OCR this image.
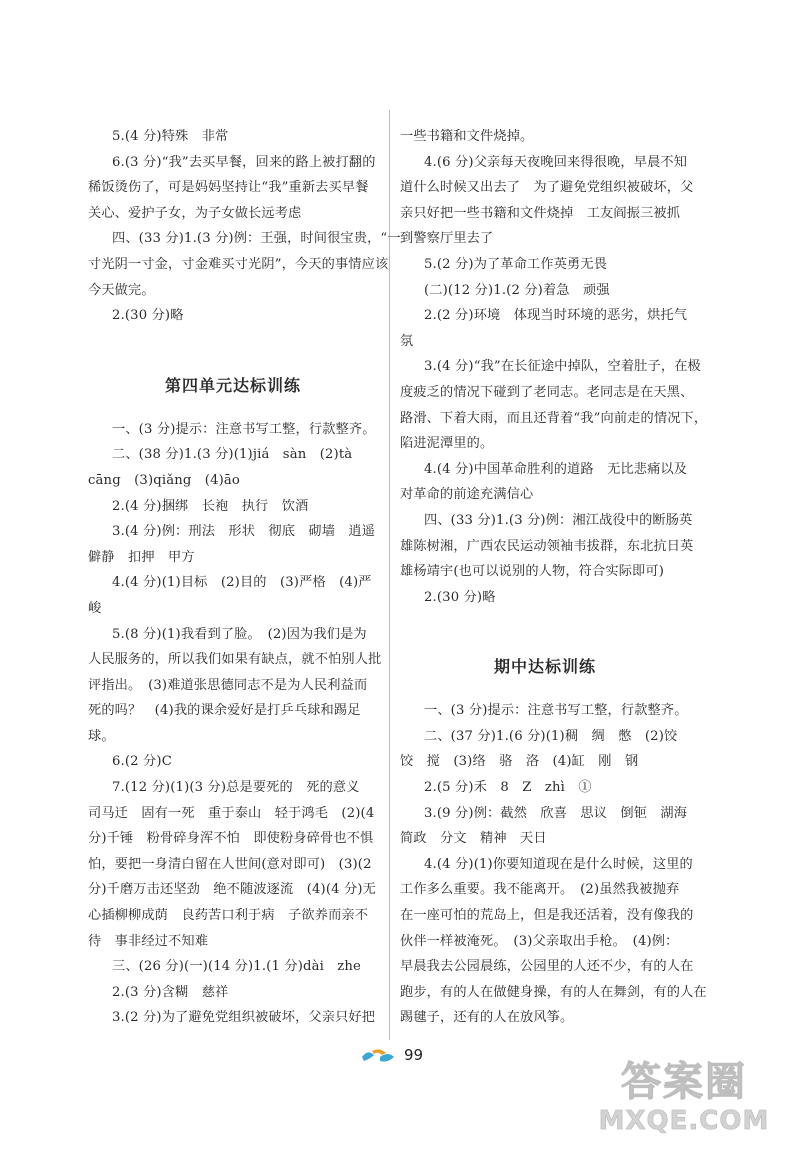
5.(4 分)特殊　非常
6.(3 分)“我”去买早餐，回来的路上被打翻的
稀饭烫伤了，可是妈妈坚持让“我”重新去买早餐
关心、爱护子女，为子女做长远考虑
四、(33 分)1.(3 分)例：王强，时间很宝贵，“一
寸光阴一寸金，寸金难买寸光阴”，今天的事情应该
今天做完。
2.(30 分)略
第四单元达标训练
一、(3 分)提示：注意书写工整，行款整齐。
二、(38 分)1.(3 分)(1)jiá　sàn　(2)tà
cāng　(3)qiǎng　(4)āo
2.(4 分)捆绑　长袍　执行　饮酒
3.(4 分)例：刑法　形状　彻底　砌墙　逍遥
僻静　扣押　甲方
4.(4 分)(1)目标　(2)目的　(3)严格　(4)严
峻
5.(8 分)(1)我看到了脸。　(2)因为我们是为
人民服务的，所以我们如果有缺点，就不怕别人批
评指出。　(3)难道张思德同志不是为人民利益而
死的吗？　(4)我的课余爱好是打乒乓球和踢足
球。
6.(2 分)C
7.(12 分)(1)(3 分)总是要死的　死的意义
司马迁　固有一死　重于泰山　轻于鸿毛　(2)(4
分)千锤　粉骨碎身浑不怕　即使粉身碎骨也不惧
怕，要把一身清白留在人世间(意对即可)　(3)(2
分)千磨万击还坚劲　绝不随波逐流　(4)(4 分)无
心插柳柳成荫　良药苦口利于病　子欲养而亲不
待　事非经过不知难
三、(26 分)(一)(14 分)1.(1 分)dài　zhe
2.(3 分)含糊　慈祥
3.(2 分)为了避免党组织被破坏，父亲只好把
一些书籍和文件烧掉。
4.(6 分)父亲每天夜晚回来得很晚，早晨不知
道什么时候又出去了　为了避免党组织被破坏，父
亲只好把一些书籍和文件烧掉　工友阎振三被抓
到警察厅里去了
5.(2 分)为了革命工作英勇无畏
(二)(12 分)1.(2 分)着急　顽强
2.(2 分)环境　体现当时环境的恶劣，烘托气
氛
3.(4 分)“我”在长征途中掉队，空着肚子，在极
度疲乏的情况下碰到了老同志。老同志是在天黑、
路滑、下着大雨，而且还背着“我”向前走的情况下，
陷进泥潭里的。
4.(4 分)中国革命胜利的道路　无比悲痛以及
对革命的前途充满信心
四、(33 分)1.(3 分)例：湘江战役中的断肠英
雄陈树湘，广西农民运动领袖韦拔群，东北抗日英
雄杨靖宇(也可以说别的人物，符合实际即可)
2.(30 分)略
期中达标训练
一、(3 分)提示：注意书写工整，行款整齐。
二、(37 分)1.(6 分)(1)稠　绸　憋　(2)饺
饺　搅　(3)络　骆　洛　(4)缸　刚　钢
2.(5 分)禾　8　Z　zhì　①
3.(9 分)例：截然　欣喜　思议　倒钷　湖海
简政　分文　精神　天日
4.(4 分)(1)你要知道现在是什么时候，这里的
工作多么重要。我不能离开。　(2)虽然我被抛弃
在一座可怕的荒岛上，但是我还活着，没有像我的
伙伴一样被淹死。　(3)父亲取出手枪。　(4)例：
早晨我去公园晨练，公园里的人还不少，有的人在
跑步，有的人在做健身操，有的人在舞剑，有的人在
踢毽子，还有的人在放风筝。
99
答案圈
MXQE.COM
